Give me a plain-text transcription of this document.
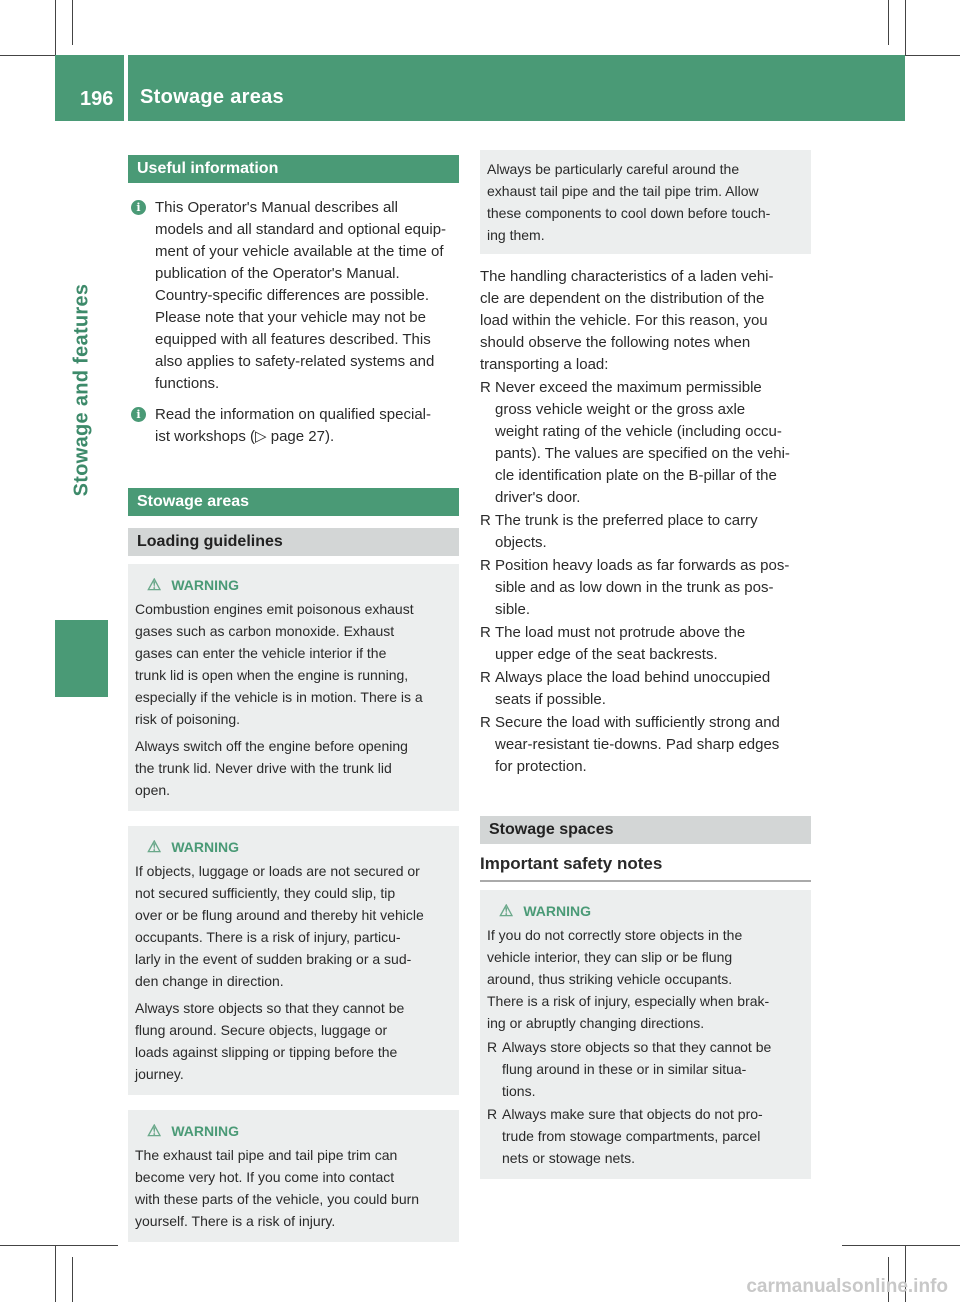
196 Stowage areas
Stowage and features
Useful information
i This Operator's Manual describes all
models and all standard and optional equip-
ment of your vehicle available at the time of
publication of the Operator's Manual.
Country-specific differences are possible.
Please note that your vehicle may not be
equipped with all features described. This
also applies to safety-related systems and
functions.
i Read the information on qualified special-
ist workshops (▷ page 27).
Stowage areas
Loading guidelines
⚠ WARNING
Combustion engines emit poisonous exhaust
gases such as carbon monoxide. Exhaust
gases can enter the vehicle interior if the
trunk lid is open when the engine is running,
especially if the vehicle is in motion. There is a
risk of poisoning.
Always switch off the engine before opening
the trunk lid. Never drive with the trunk lid
open.
⚠ WARNING
If objects, luggage or loads are not secured or
not secured sufficiently, they could slip, tip
over or be flung around and thereby hit vehicle
occupants. There is a risk of injury, particu-
larly in the event of sudden braking or a sud-
den change in direction.
Always store objects so that they cannot be
flung around. Secure objects, luggage or
loads against slipping or tipping before the
journey.
⚠ WARNING
The exhaust tail pipe and tail pipe trim can
become very hot. If you come into contact
with these parts of the vehicle, you could burn
yourself. There is a risk of injury.
Always be particularly careful around the
exhaust tail pipe and the tail pipe trim. Allow
these components to cool down before touch-
ing them.
The handling characteristics of a laden vehi-
cle are dependent on the distribution of the
load within the vehicle. For this reason, you
should observe the following notes when
transporting a load:
R Never exceed the maximum permissible
gross vehicle weight or the gross axle
weight rating of the vehicle (including occu-
pants). The values are specified on the vehi-
cle identification plate on the B-pillar of the
driver's door.
R The trunk is the preferred place to carry
objects.
R Position heavy loads as far forwards as pos-
sible and as low down in the trunk as pos-
sible.
R The load must not protrude above the
upper edge of the seat backrests.
R Always place the load behind unoccupied
seats if possible.
R Secure the load with sufficiently strong and
wear-resistant tie-downs. Pad sharp edges
for protection.
Stowage spaces
Important safety notes
⚠ WARNING
If you do not correctly store objects in the
vehicle interior, they can slip or be flung
around, thus striking vehicle occupants.
There is a risk of injury, especially when brak-
ing or abruptly changing directions.
R Always store objects so that they cannot be
flung around in these or in similar situa-
tions.
R Always make sure that objects do not pro-
trude from stowage compartments, parcel
nets or stowage nets.
carmanualsonline.info
